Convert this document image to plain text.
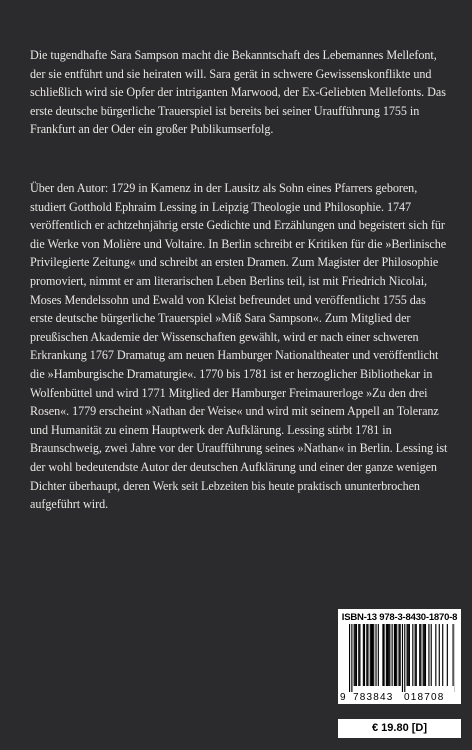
Die tugendhafte Sara Sampson macht die Bekanntschaft des Lebemannes Mellefont, der sie entführt und sie heiraten will. Sara gerät in schwere Gewissenskonflikte und schließlich wird sie Opfer der intriganten Marwood, der Ex-Geliebten Mellefonts. Das erste deutsche bürgerliche Trauerspiel ist bereits bei seiner Uraufführung 1755 in Frankfurt an der Oder ein großer Publikumserfolg.

Über den Autor: 1729 in Kamenz in der Lausitz als Sohn eines Pfarrers geboren, studiert Gotthold Ephraim Lessing in Leipzig Theologie und Philosophie. 1747 veröffentlich er achtzehnjährig erste Gedichte und Erzählungen und begeistert sich für die Werke von Molière und Voltaire. In Berlin schreibt er Kritiken für die »Berlinische Privilegierte Zeitung« und schreibt an ersten Dramen. Zum Magister der Philosophie promoviert, nimmt er am literarischen Leben Berlins teil, ist mit Friedrich Nicolai, Moses Mendelssohn und Ewald von Kleist befreundet und veröffentlicht 1755 das erste deutsche bürgerliche Trauerspiel »Miß Sara Sampson«. Zum Mitglied der preußischen Akademie der Wissenschaften gewählt, wird er nach einer schweren Erkrankung 1767 Dramatug am neuen Hamburger Nationaltheater und veröffentlicht die »Hamburgische Dramaturgie«. 1770 bis 1781 ist er herzoglicher Bibliothekar in Wolfenbüttel und wird 1771 Mitglied der Hamburger Freimaurerloge »Zu den drei Rosen«. 1779 erscheint »Nathan der Weise« und wird mit seinem Appell an Toleranz und Humanität zu einem Hauptwerk der Aufklärung. Lessing stirbt 1781 in Braunschweig, zwei Jahre vor der Uraufführung seines »Nathan« in Berlin. Lessing ist der wohl bedeutendste Autor der deutschen Aufklärung und einer der ganze wenigen Dichter überhaupt, deren Werk seit Lebzeiten bis heute praktisch ununterbrochen aufgeführt wird.

ISBN-13 978-3-8430-1870-8
9 783843 018708
€ 19.80 [D]
